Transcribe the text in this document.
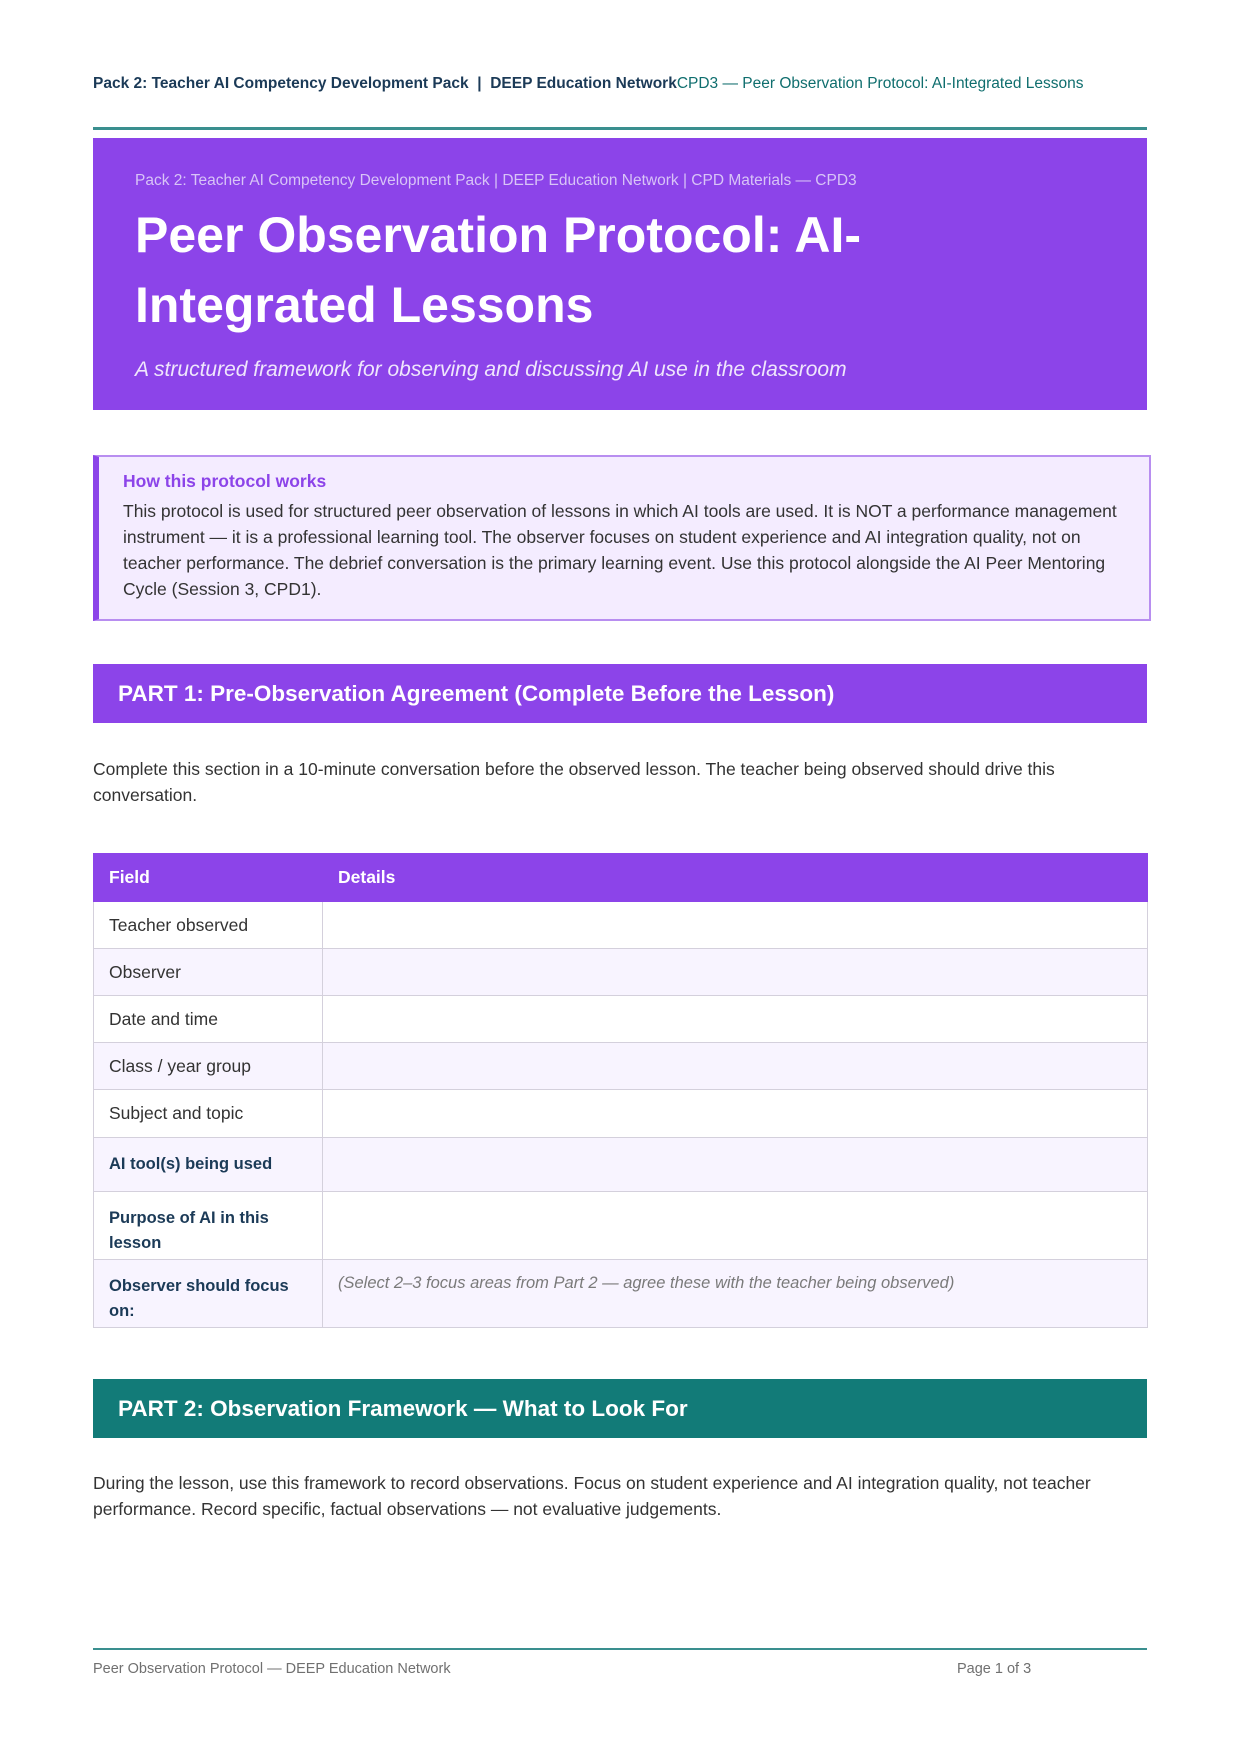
Pack 2: Teacher AI Competency Development Pack | DEEP Education NetworkCPD3 — Peer Observation Protocol: AI-Integrated Lessons
Pack 2: Teacher AI Competency Development Pack | DEEP Education Network | CPD Materials — CPD3
Peer Observation Protocol: AI-Integrated Lessons
A structured framework for observing and discussing AI use in the classroom
How this protocol works
This protocol is used for structured peer observation of lessons in which AI tools are used. It is NOT a performance management instrument — it is a professional learning tool. The observer focuses on student experience and AI integration quality, not on teacher performance. The debrief conversation is the primary learning event. Use this protocol alongside the AI Peer Mentoring Cycle (Session 3, CPD1).
PART 1: Pre-Observation Agreement (Complete Before the Lesson)
Complete this section in a 10-minute conversation before the observed lesson. The teacher being observed should drive this conversation.
Field	Details
Teacher observed	
Observer	
Date and time	
Class / year group	
Subject and topic	
AI tool(s) being used	
Purpose of AI in this lesson	
Observer should focus on:	(Select 2–3 focus areas from Part 2 — agree these with the teacher being observed)
PART 2: Observation Framework — What to Look For
During the lesson, use this framework to record observations. Focus on student experience and AI integration quality, not teacher performance. Record specific, factual observations — not evaluative judgements.
Peer Observation Protocol — DEEP Education Network	Page 1 of 3
